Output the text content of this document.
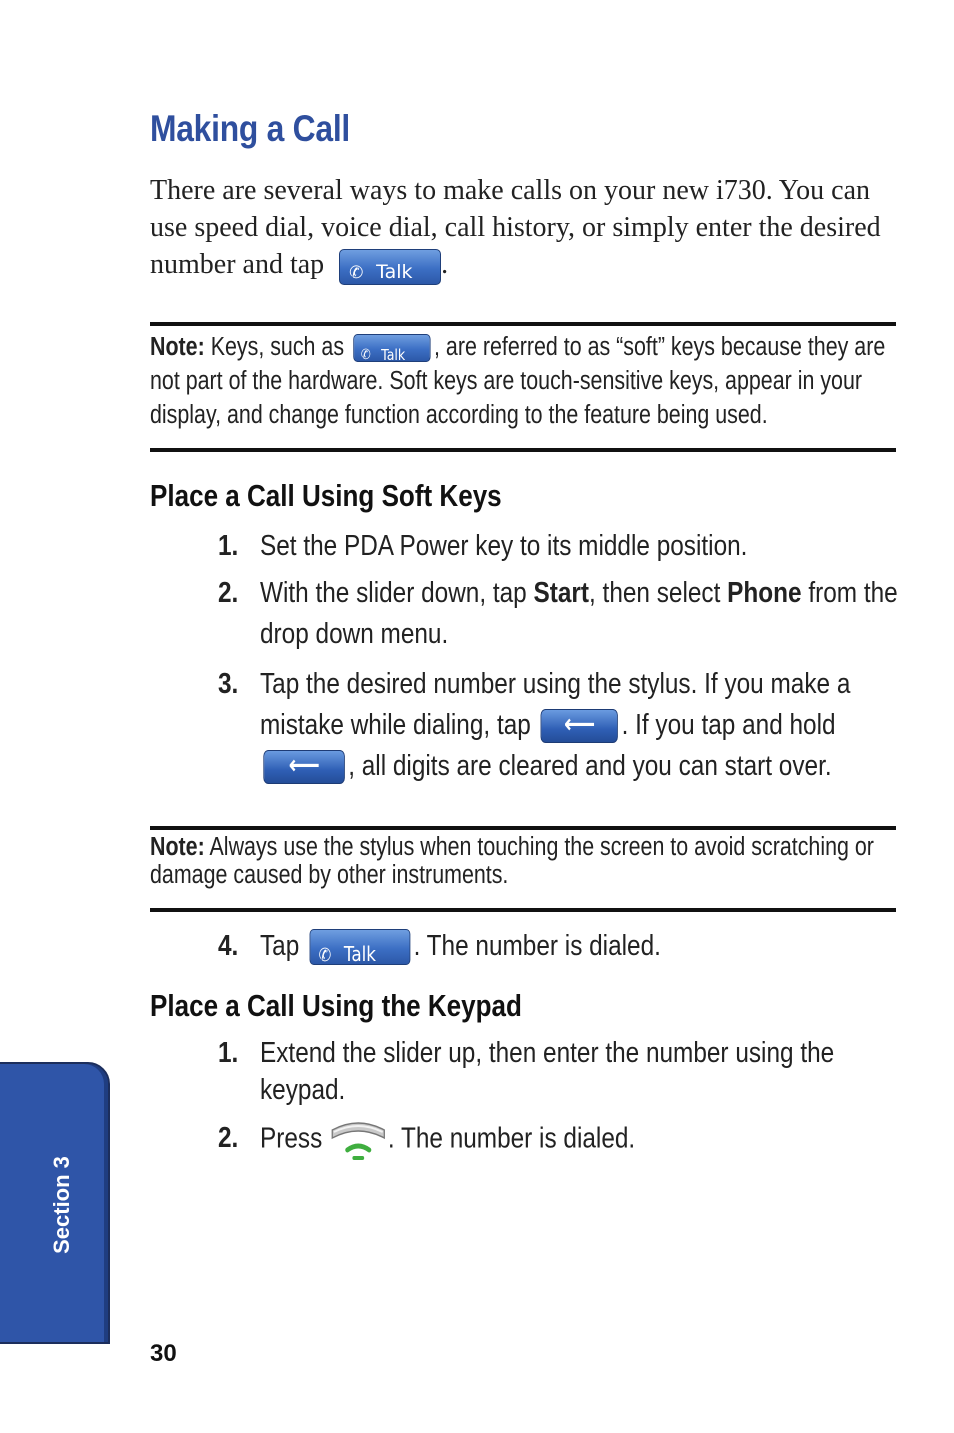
Making a Call

There are several ways to make calls on your new i730. You can use speed dial, voice dial, call history, or simply enter the desired number and tap ✆ Talk .

Note: Keys, such as ✆ Talk , are referred to as “soft” keys because they are not part of the hardware. Soft keys are touch-sensitive keys, appear in your display, and change function according to the feature being used.
Place a Call Using Soft Keys
1. Set the PDA Power key to its middle position.
2. With the slider down, tap Start, then select Phone from the drop down menu.
3. Tap the desired number using the stylus. If you make a mistake while dialing, tap	⟵ . If you tap and hold
⟵ , all digits are cleared and you can start over.
Note: Always use the stylus when touching the screen to avoid scratching or damage caused by other instruments.
4. Tap ✆ Talk . The number is dialed.
Place a Call Using the Keypad
1. Extend the slider up, then enter the number using the keypad.
2. Press . The number is dialed.
Section 3
30
